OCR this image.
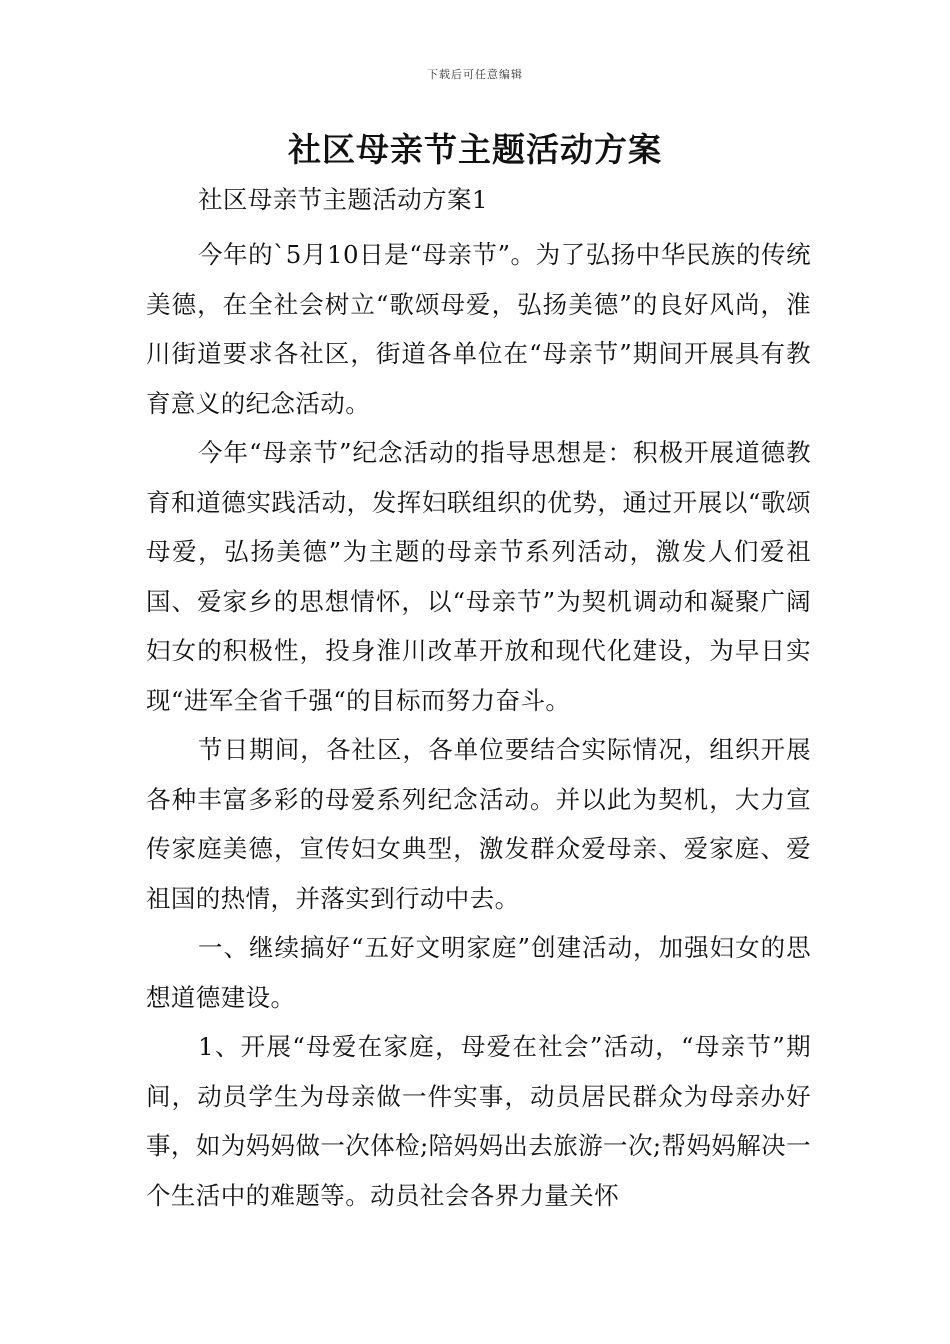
下载后可任意编辑
社区母亲节主题活动方案

社区母亲节主题活动方案1

今年的`5月10日是“母亲节”。为了弘扬中华民族的传统美德，在全社会树立“歌颂母爱，弘扬美德”的良好风尚，淮川街道要求各社区，街道各单位在“母亲节”期间开展具有教育意义的纪念活动。

今年“母亲节”纪念活动的指导思想是：积极开展道德教育和道德实践活动，发挥妇联组织的优势，通过开展以“歌颂母爱，弘扬美德”为主题的母亲节系列活动，激发人们爱祖国、爱家乡的思想情怀，以“母亲节”为契机调动和凝聚广阔妇女的积极性，投身淮川改革开放和现代化建设，为早日实现“进军全省千强“的目标而努力奋斗。

节日期间，各社区，各单位要结合实际情况，组织开展各种丰富多彩的母爱系列纪念活动。并以此为契机，大力宣传家庭美德，宣传妇女典型，激发群众爱母亲、爱家庭、爱祖国的热情，并落实到行动中去。

一、继续搞好“五好文明家庭”创建活动，加强妇女的思想道德建设。

1、开展“母爱在家庭，母爱在社会”活动，“母亲节”期间，动员学生为母亲做一件实事，动员居民群众为母亲办好事，如为妈妈做一次体检;陪妈妈出去旅游一次;帮妈妈解决一个生活中的难题等。动员社会各界力量关怀
